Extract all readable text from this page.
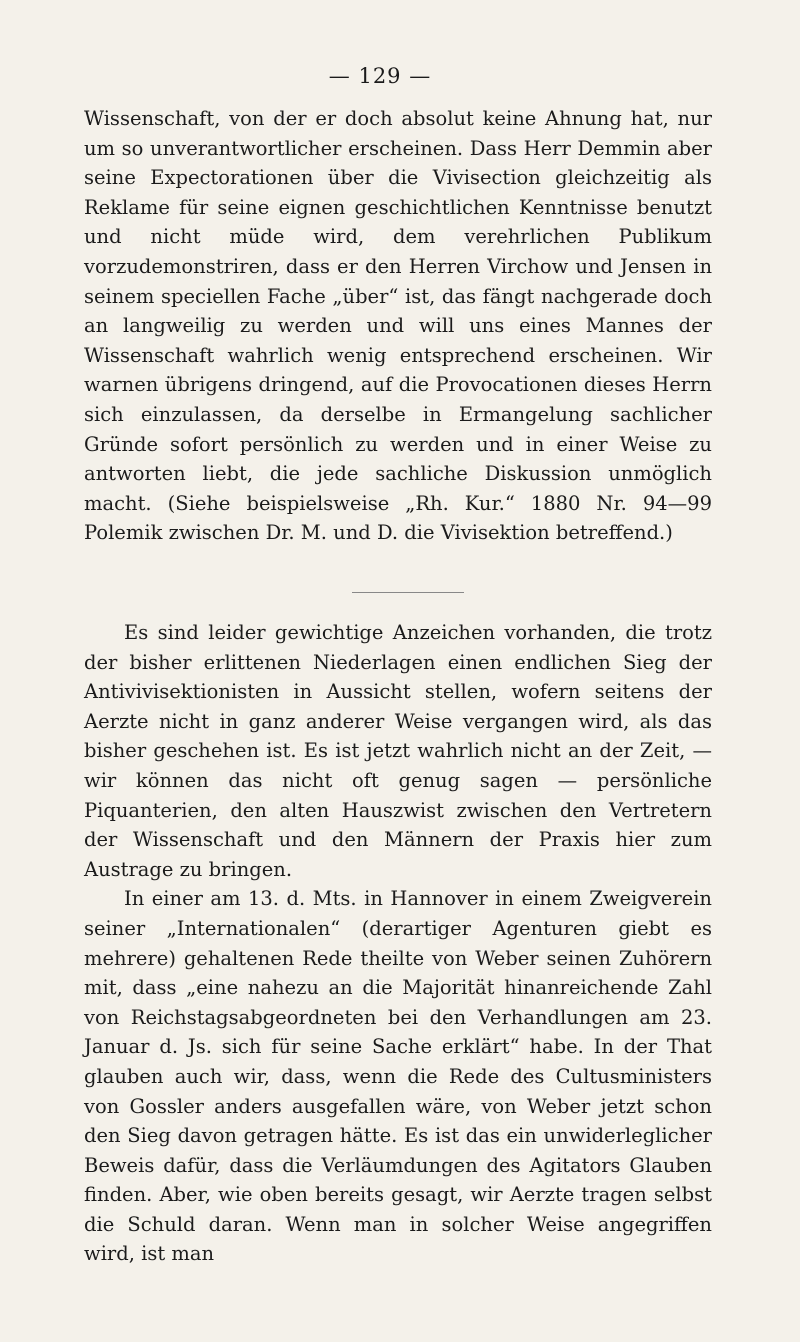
— 129 —

Wissenschaft, von der er doch absolut keine Ahnung hat, nur um so unverantwortlicher erscheinen. Dass Herr Demmin aber seine Expectorationen über die Vivisection gleichzeitig als Reklame für seine eignen geschichtlichen Kenntnisse benutzt und nicht müde wird, dem verehrlichen Publikum vorzudemonstriren, dass er den Herren Virchow und Jensen in seinem speciellen Fache „über“ ist, das fängt nachgerade doch an langweilig zu werden und will uns eines Mannes der Wissenschaft wahrlich wenig entsprechend erscheinen. Wir warnen übrigens dringend, auf die Provocationen dieses Herrn sich einzulassen, da derselbe in Ermangelung sachlicher Gründe sofort persönlich zu werden und in einer Weise zu antworten liebt, die jede sachliche Diskussion unmöglich macht. (Siehe beispielsweise „Rh. Kur.“ 1880 Nr. 94—99 Polemik zwischen Dr. M. und D. die Vivisektion betreffend.)

Es sind leider gewichtige Anzeichen vorhanden, die trotz der bisher erlittenen Niederlagen einen endlichen Sieg der Antivivisektionisten in Aussicht stellen, wofern seitens der Aerzte nicht in ganz anderer Weise vergangen wird, als das bisher geschehen ist. Es ist jetzt wahrlich nicht an der Zeit, — wir können das nicht oft genug sagen — persönliche Piquanterien, den alten Hauszwist zwischen den Vertretern der Wissenschaft und den Männern der Praxis hier zum Austrage zu bringen.

In einer am 13. d. Mts. in Hannover in einem Zweigverein seiner „Internationalen“ (derartiger Agenturen giebt es mehrere) gehaltenen Rede theilte von Weber seinen Zuhörern mit, dass „eine nahezu an die Majorität hinanreichende Zahl von Reichstagsabgeordneten bei den Verhandlungen am 23. Januar d. Js. sich für seine Sache erklärt“ habe. In der That glauben auch wir, dass, wenn die Rede des Cultusministers von Gossler anders ausgefallen wäre, von Weber jetzt schon den Sieg davon getragen hätte. Es ist das ein unwiderleglicher Beweis dafür, dass die Verläumdungen des Agitators Glauben finden. Aber, wie oben bereits gesagt, wir Aerzte tragen selbst die Schuld daran. Wenn man in solcher Weise angegriffen wird, ist man
